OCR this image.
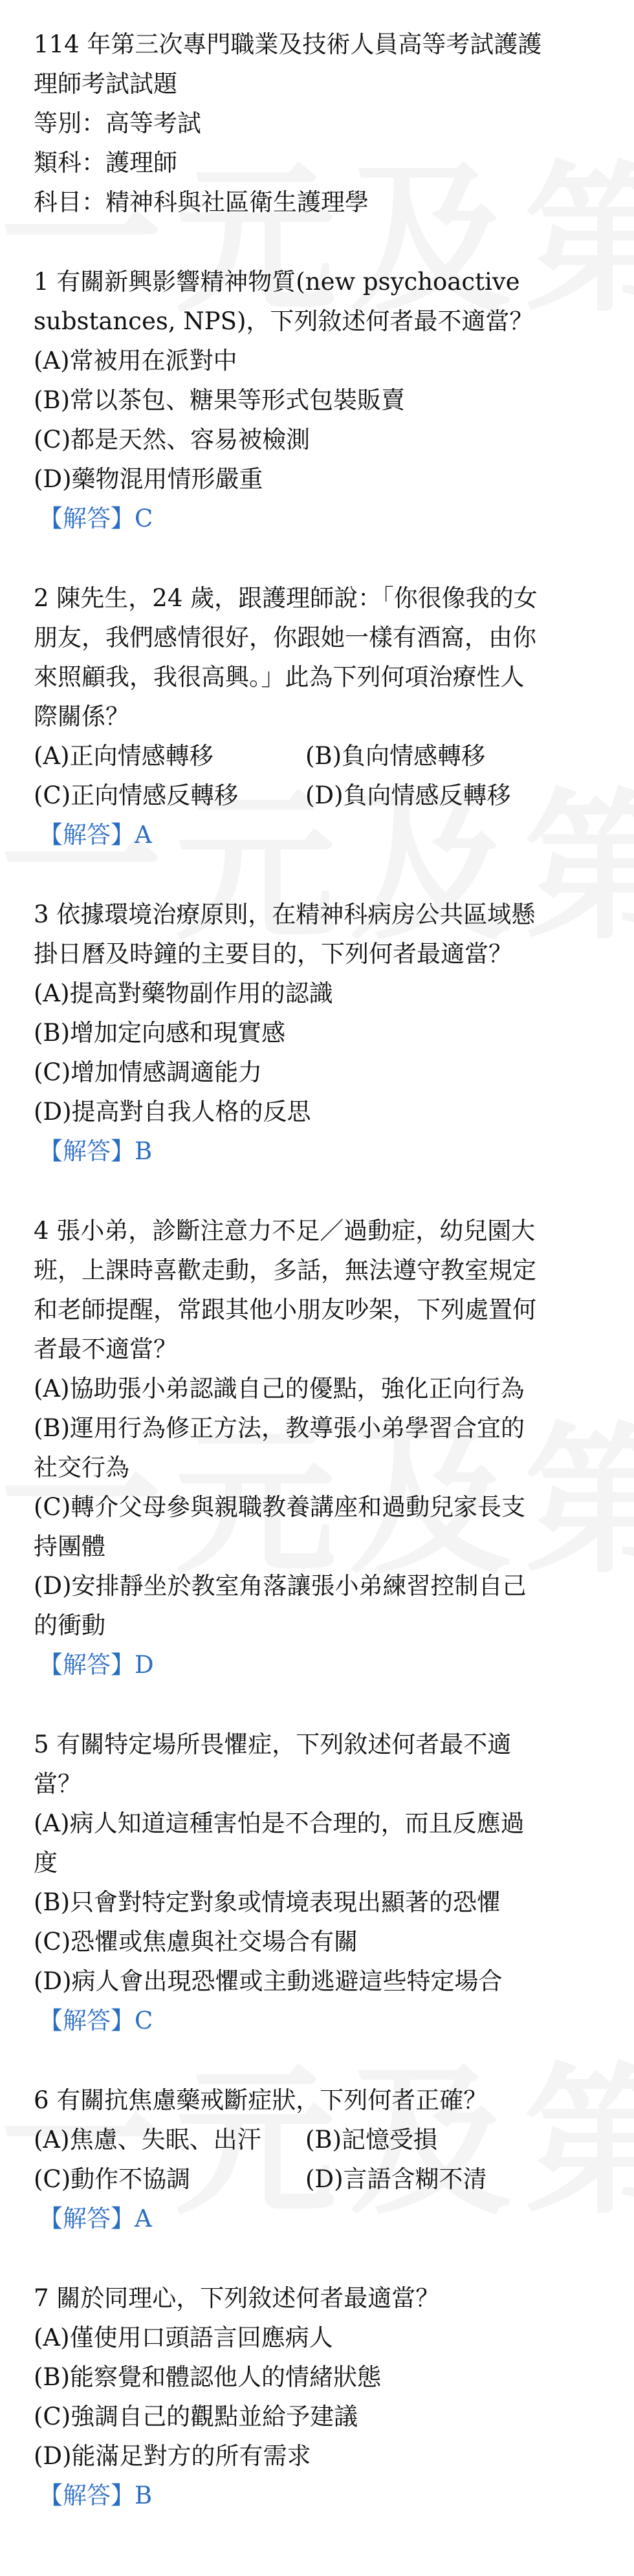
114 年第三次專門職業及技術人員高等考試護護

理師考試試題

等別：高等考試

類科：護理師

科目：精神科與社區衛生護理學

1 有關新興影響精神物質(new psychoactive

substances, NPS)，下列敘述何者最不適當？

(A)常被用在派對中

(B)常以茶包、糖果等形式包裝販賣

(C)都是天然、容易被檢測

(D)藥物混用情形嚴重

【解答】C

2 陳先生，24 歲，跟護理師說：「你很像我的女

朋友，我們感情很好，你跟她一樣有酒窩，由你

來照顧我，我很高興。」此為下列何項治療性人

際關係？

(A)正向情感轉移	(B)負向情感轉移

(C)正向情感反轉移	(D)負向情感反轉移

【解答】A

3 依據環境治療原則，在精神科病房公共區域懸

掛日曆及時鐘的主要目的，下列何者最適當？

(A)提高對藥物副作用的認識

(B)增加定向感和現實感

(C)增加情感調適能力

(D)提高對自我人格的反思

【解答】B

4 張小弟，診斷注意力不足／過動症，幼兒園大

班，上課時喜歡走動，多話，無法遵守教室規定

和老師提醒，常跟其他小朋友吵架，下列處置何

者最不適當？

(A)協助張小弟認識自己的優點，強化正向行為

(B)運用行為修正方法，教導張小弟學習合宜的

社交行為

(C)轉介父母參與親職教養講座和過動兒家長支

持團體

(D)安排靜坐於教室角落讓張小弟練習控制自己

的衝動

【解答】D

5 有關特定場所畏懼症，下列敘述何者最不適

當？

(A)病人知道這種害怕是不合理的，而且反應過

度

(B)只會對特定對象或情境表現出顯著的恐懼

(C)恐懼或焦慮與社交場合有關

(D)病人會出現恐懼或主動逃避這些特定場合

【解答】C

6 有關抗焦慮藥戒斷症狀，下列何者正確？

(A)焦慮、失眠、出汗	(B)記憶受損

(C)動作不協調	(D)言語含糊不清

【解答】A

7 關於同理心，下列敘述何者最適當？

(A)僅使用口頭語言回應病人

(B)能察覺和體認他人的情緒狀態

(C)強調自己的觀點並給予建議

(D)能滿足對方的所有需求

【解答】B
